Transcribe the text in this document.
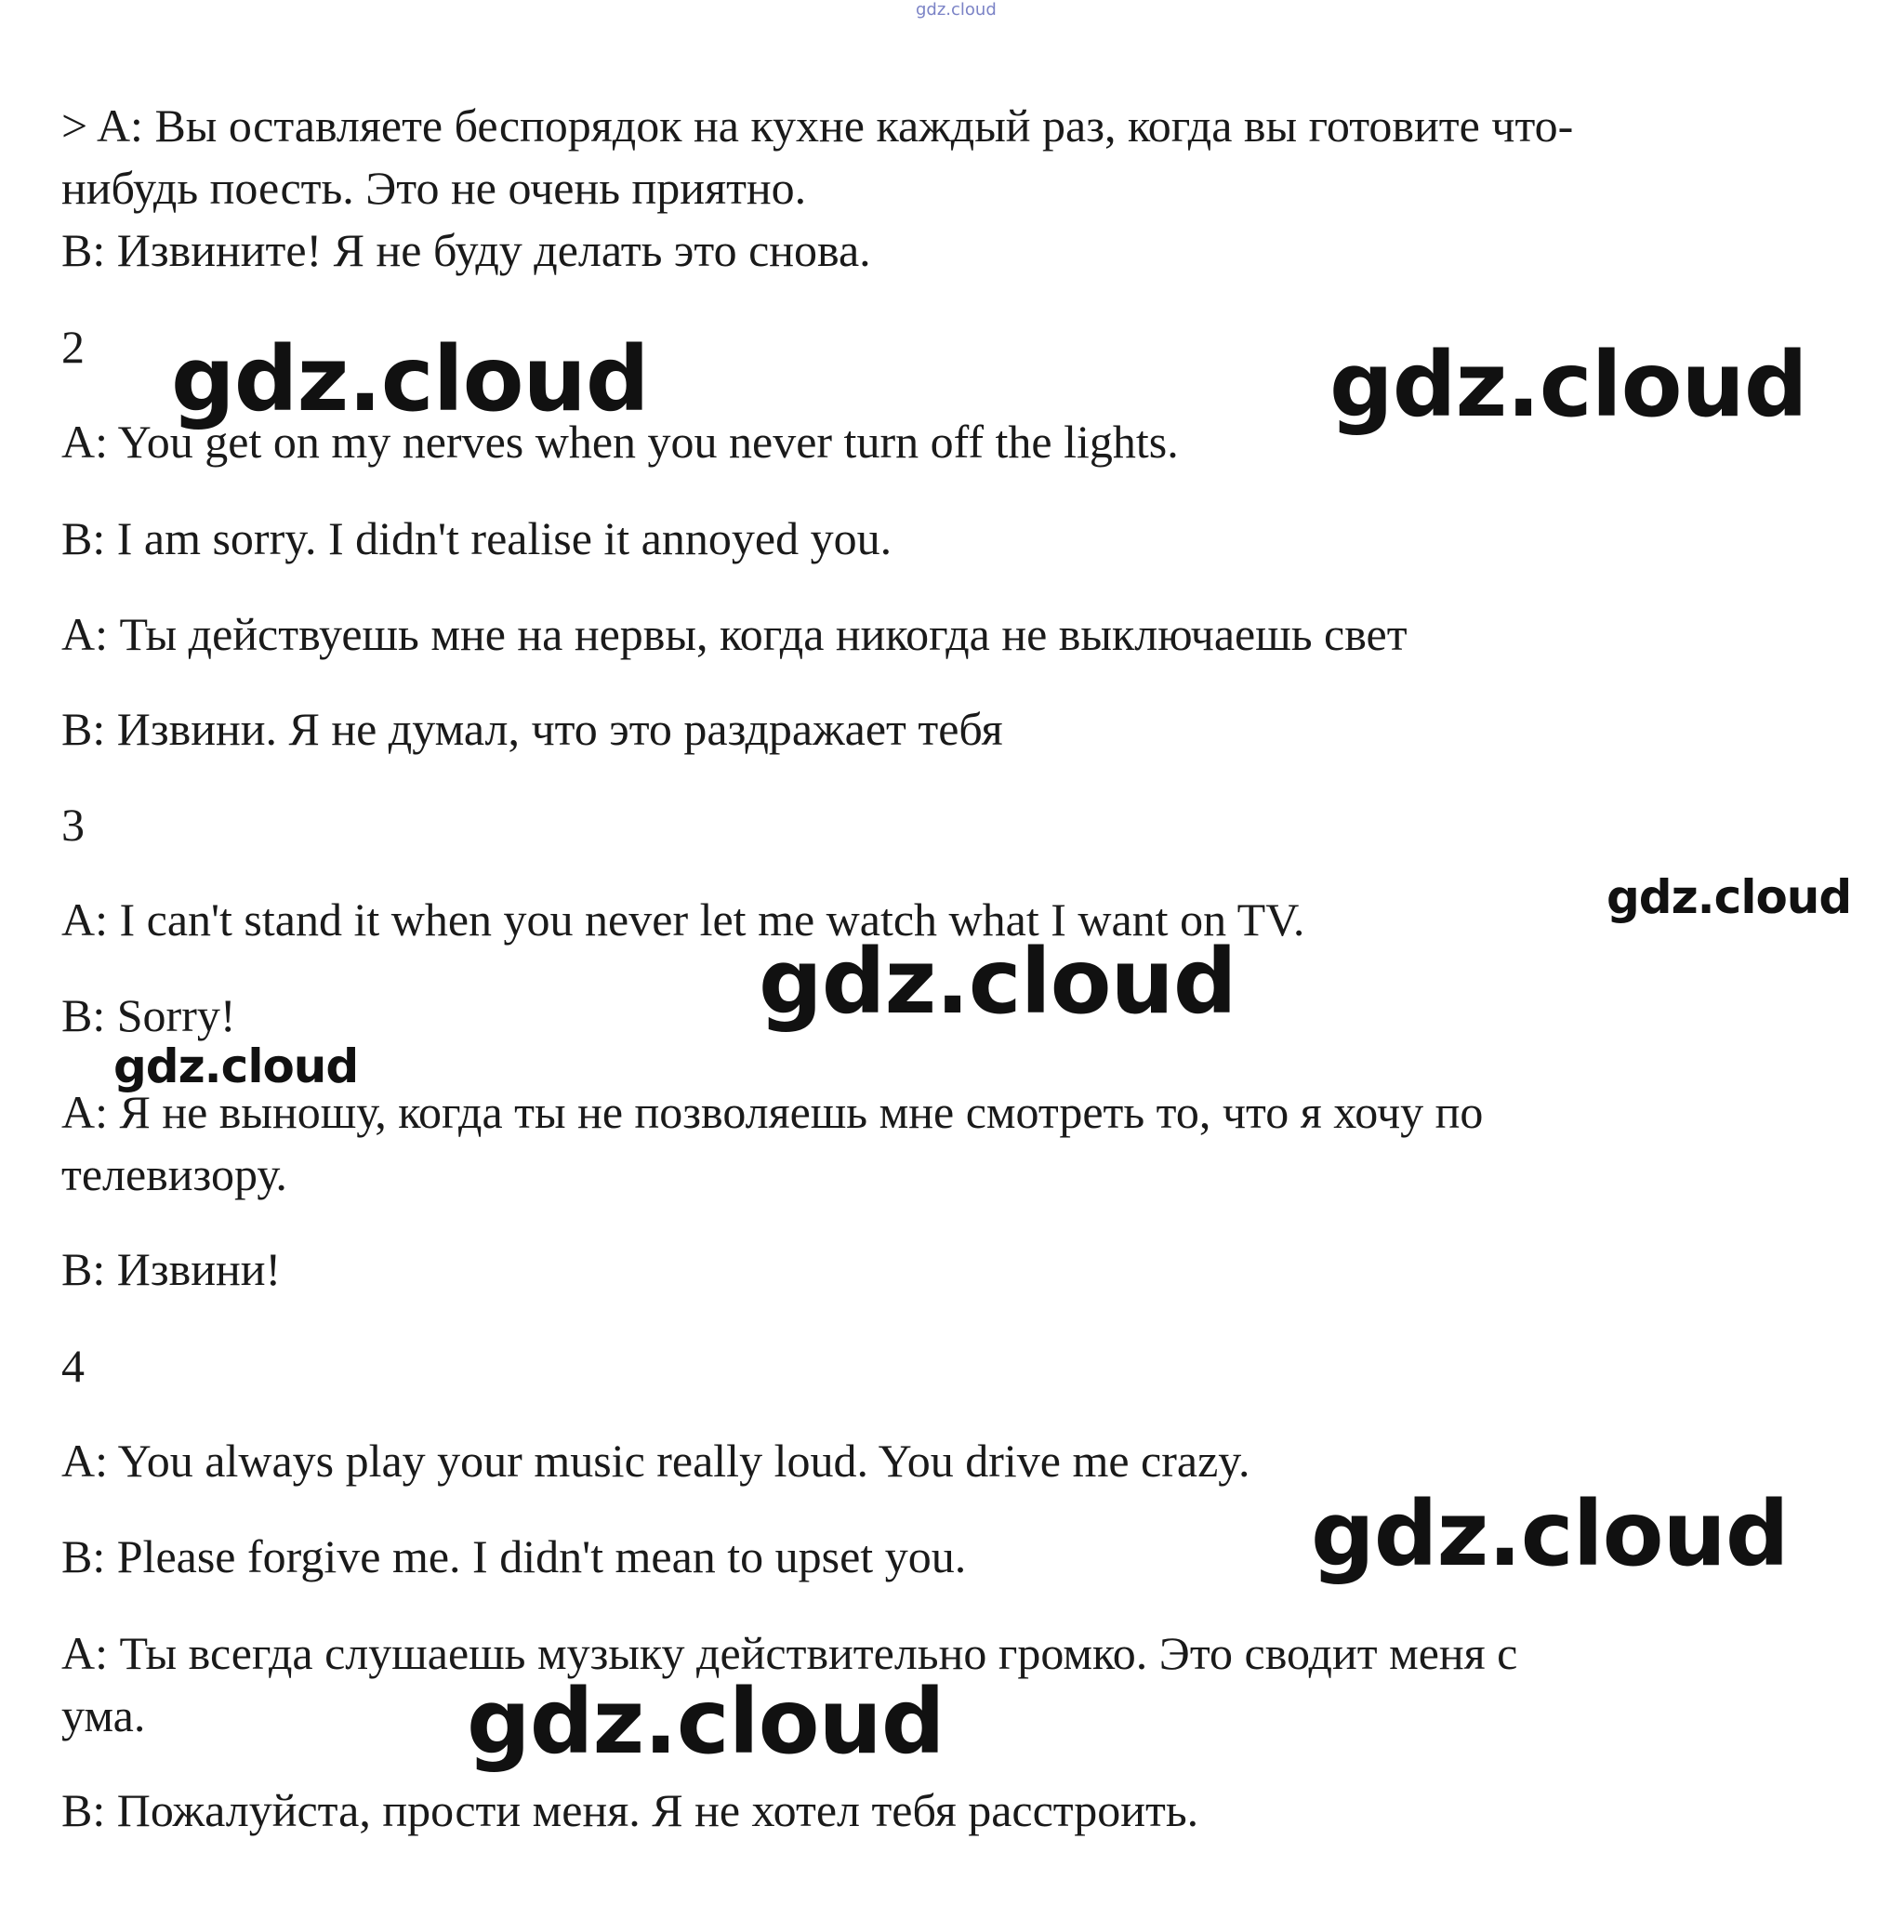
gdz.cloud
> A: Вы оставляете беспорядок на кухне каждый раз, когда вы готовите что-
нибудь поесть. Это не очень приятно.
B: Извините! Я не буду делать это снова.
2
A: You get on my nerves when you never turn off the lights.
B: I am sorry. I didn't realise it annoyed you.
A: Ты действуешь мне на нервы, когда никогда не выключаешь свет
B: Извини. Я не думал, что это раздражает тебя
3
A: I can't stand it when you never let me watch what I want on TV.
B: Sorry!
A: Я не выношу, когда ты не позволяешь мне смотреть то, что я хочу по
телевизору.
B: Извини!
4
A: You always play your music really loud. You drive me crazy.
B: Please forgive me. I didn't mean to upset you.
A: Ты всегда слушаешь музыку действительно громко. Это сводит меня с
ума.
B: Пожалуйста, прости меня. Я не хотел тебя расстроить.
gdz.cloud	gdz.cloud
gdz.cloud
gdz.cloud
gdz.cloud
gdz.cloud
gdz.cloud
